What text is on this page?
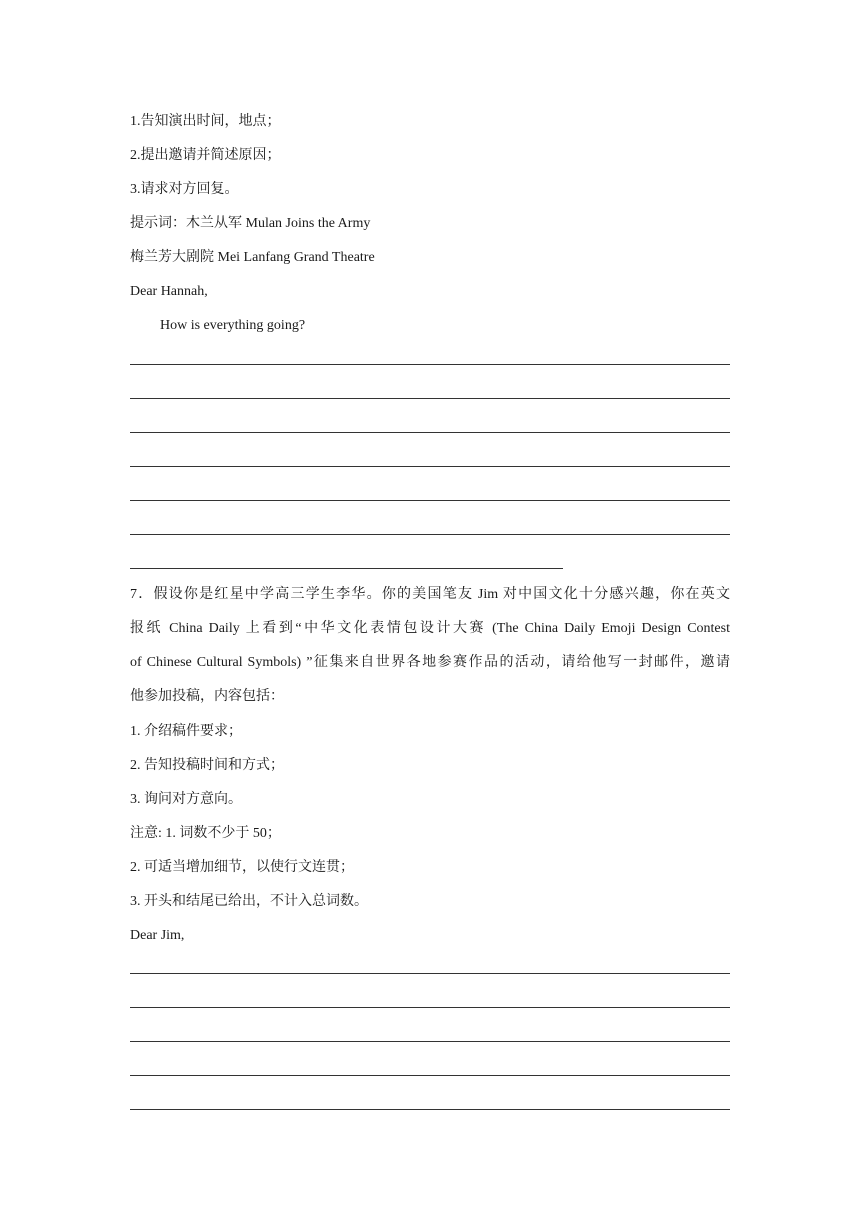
1.告知演出时间，地点；
2.提出邀请并简述原因；
3.请求对方回复。
提示词：木兰从军 Mulan Joins the Army
梅兰芳大剧院 Mei Lanfang Grand Theatre
Dear Hannah,
How is everything going?
7．假设你是红星中学高三学生李华。你的美国笔友 Jim 对中国文化十分感兴趣，你在英文
报纸 China Daily 上看到“中华文化表情包设计大赛 (The China Daily Emoji Design Contest
of Chinese Cultural Symbols) ”征集来自世界各地参赛作品的活动，请给他写一封邮件，邀请
他参加投稿，内容包括：
1. 介绍稿件要求；
2. 告知投稿时间和方式；
3. 询问对方意向。
注意: 1. 词数不少于 50；
2. 可适当增加细节，以使行文连贯；
3. 开头和结尾已给出，不计入总词数。
Dear Jim,
